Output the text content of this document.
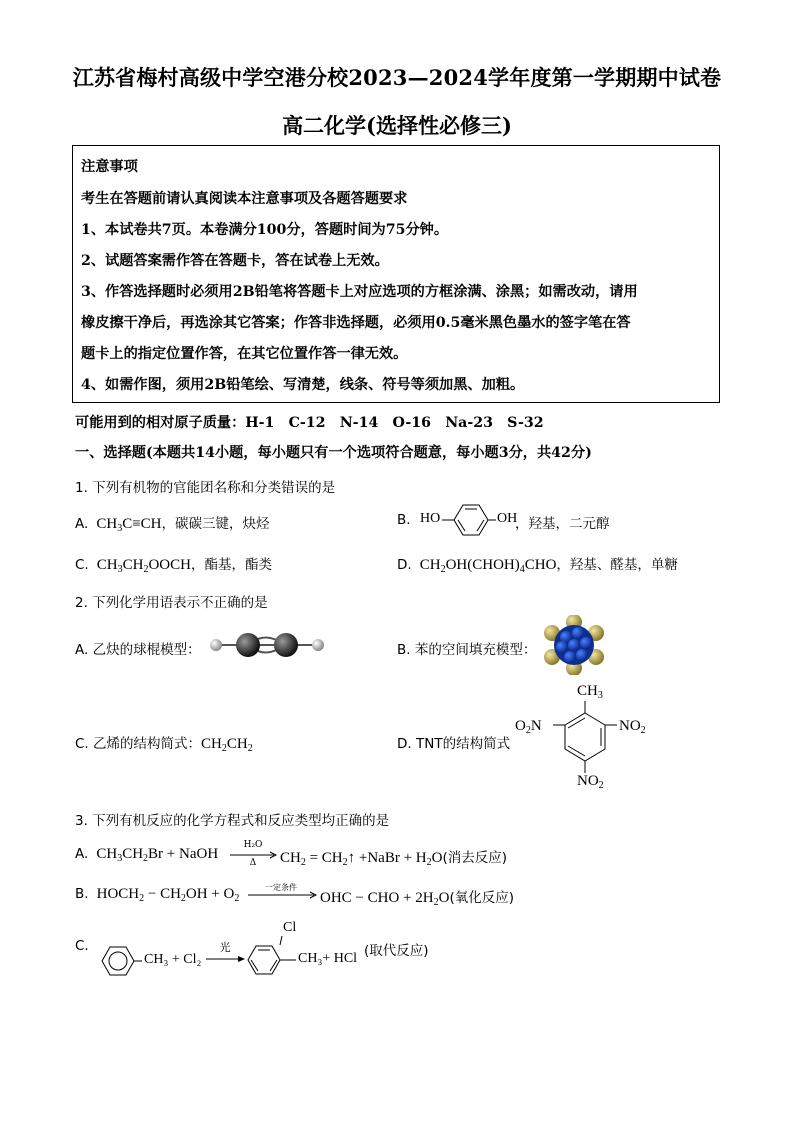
江苏省梅村高级中学空港分校2023—2024学年度第一学期期中试卷
高二化学(选择性必修三)
注意事项
考生在答题前请认真阅读本注意事项及各题答题要求
1、本试卷共7页。本卷满分100分，答题时间为75分钟。
2、试题答案需作答在答题卡，答在试卷上无效。
3、作答选择题时必须用2B铅笔将答题卡上对应选项的方框涂满、涂黑；如需改动，请用
橡皮擦干净后，再选涂其它答案；作答非选择题，必须用0.5毫米黑色墨水的签字笔在答
题卡上的指定位置作答，在其它位置作答一律无效。
4、如需作图，须用2B铅笔绘、写清楚，线条、符号等须加黑、加粗。
可能用到的相对原子质量：H-1　C-12　N-14　O-16　Na-23　S-32
一、选择题(本题共14小题，每小题只有一个选项符合题意，每小题3分，共42分)
1. 下列有机物的官能团名称和分类错误的是
A. $CH_3C\equiv CH$，碳碳三键，炔烃	B. HO	OH
，羟基，二元醇
C.  $CH_3CH_2OOCH$，酯基，酯类	D.  $CH_2OH(CHOH)_4CHO$，羟基、醛基，单糖
2. 下列化学用语表示不正确的是
A. 乙炔的球棍模型：	B. 苯的空间填充模型：
C. 乙烯的结构简式：$CH_2CH_2$	D. TNT的结构简式
$CH_3$
$O_2N$	$NO_2$
$NO_2$
3. 下列有机反应的化学方程式和反应类型均正确的是
A.  $CH_3CH_2Br$ + NaOH
H₂O
Δ	$CH_2$ = $CH_2↑$ +NaBr + $H_2O$(消去反应)
B.  $HOCH_2 - CH_2OH + O_2$
一定条件
OHC − CHO + $2H_2O$(氧化反应)
C.
CH₃ + Cl₂
光
Cl
CH₃+ HCl (取代反应)
